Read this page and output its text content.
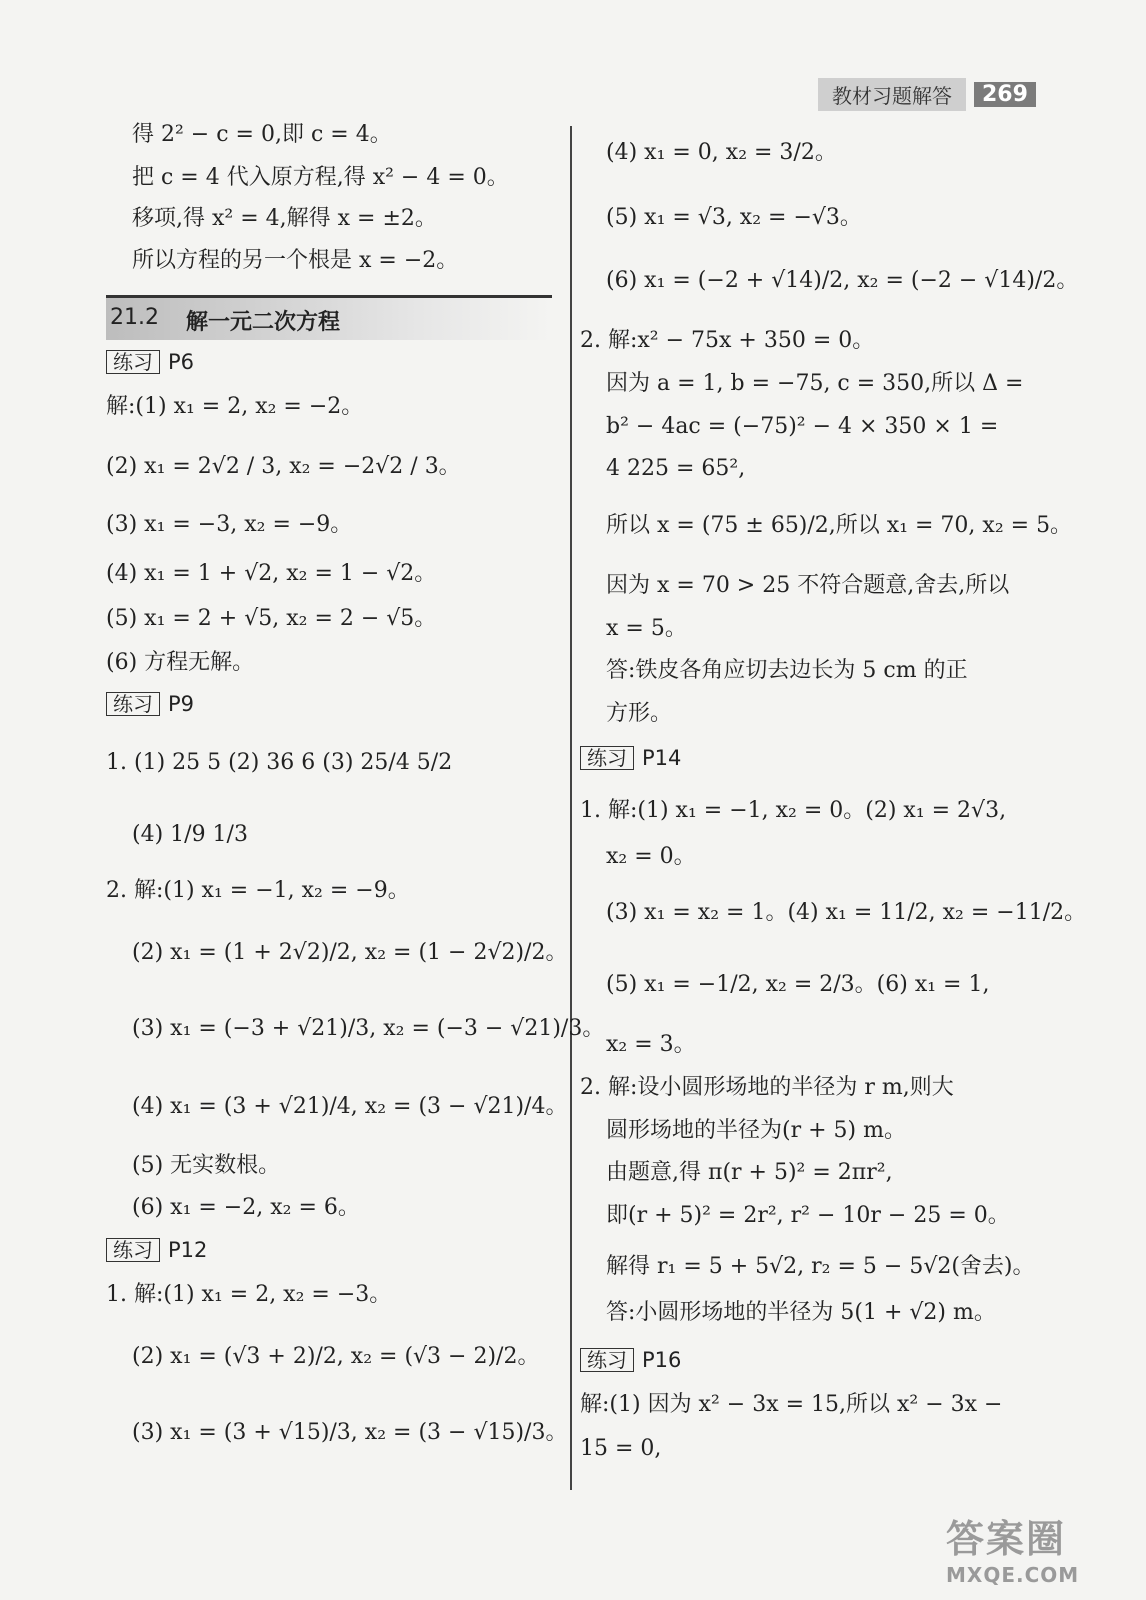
教材习题解答	269
得 2² − c = 0,即 c = 4。
把 c = 4 代入原方程,得 x² − 4 = 0。
移项,得 x² = 4,解得 x = ±2。
所以方程的另一个根是 x = −2。
21.2 解一元二次方程
练习 P6
解:(1) x₁ = 2, x₂ = −2。
(2) x₁ = 2√2 / 3, x₂ = −2√2 / 3。
(3) x₁ = −3, x₂ = −9。
(4) x₁ = 1 + √2, x₂ = 1 − √2。
(5) x₁ = 2 + √5, x₂ = 2 − √5。
(6) 方程无解。
练习 P9
1. (1) 25 5 (2) 36 6 (3) 25/4 5/2
(4) 1/9 1/3
2. 解:(1) x₁ = −1, x₂ = −9。
(2) x₁ = (1 + 2√2)/2, x₂ = (1 − 2√2)/2。
(3) x₁ = (−3 + √21)/3, x₂ = (−3 − √21)/3。
(4) x₁ = (3 + √21)/4, x₂ = (3 − √21)/4。
(5) 无实数根。
(6) x₁ = −2, x₂ = 6。
练习 P12
1. 解:(1) x₁ = 2, x₂ = −3。
(2) x₁ = (√3 + 2)/2, x₂ = (√3 − 2)/2。
(3) x₁ = (3 + √15)/3, x₂ = (3 − √15)/3。
(4) x₁ = 0, x₂ = 3/2。
(5) x₁ = √3, x₂ = −√3。
(6) x₁ = (−2 + √14)/2, x₂ = (−2 − √14)/2。
2. 解:x² − 75x + 350 = 0。
因为 a = 1, b = −75, c = 350,所以 Δ =
b² − 4ac = (−75)² − 4 × 350 × 1 =
4 225 = 65²,
所以 x = (75 ± 65)/2,所以 x₁ = 70, x₂ = 5。
因为 x = 70 > 25 不符合题意,舍去,所以
x = 5。
答:铁皮各角应切去边长为 5 cm 的正
方形。
练习 P14
1. 解:(1) x₁ = −1, x₂ = 0。(2) x₁ = 2√3,
x₂ = 0。
(3) x₁ = x₂ = 1。(4) x₁ = 11/2, x₂ = −11/2。
(5) x₁ = −1/2, x₂ = 2/3。(6) x₁ = 1,
x₂ = 3。
2. 解:设小圆形场地的半径为 r m,则大
圆形场地的半径为(r + 5) m。
由题意,得 π(r + 5)² = 2πr²,
即(r + 5)² = 2r², r² − 10r − 25 = 0。
解得 r₁ = 5 + 5√2, r₂ = 5 − 5√2(舍去)。
答:小圆形场地的半径为 5(1 + √2) m。
练习 P16
解:(1) 因为 x² − 3x = 15,所以 x² − 3x −
15 = 0,
答案圈
MXQE.COM
